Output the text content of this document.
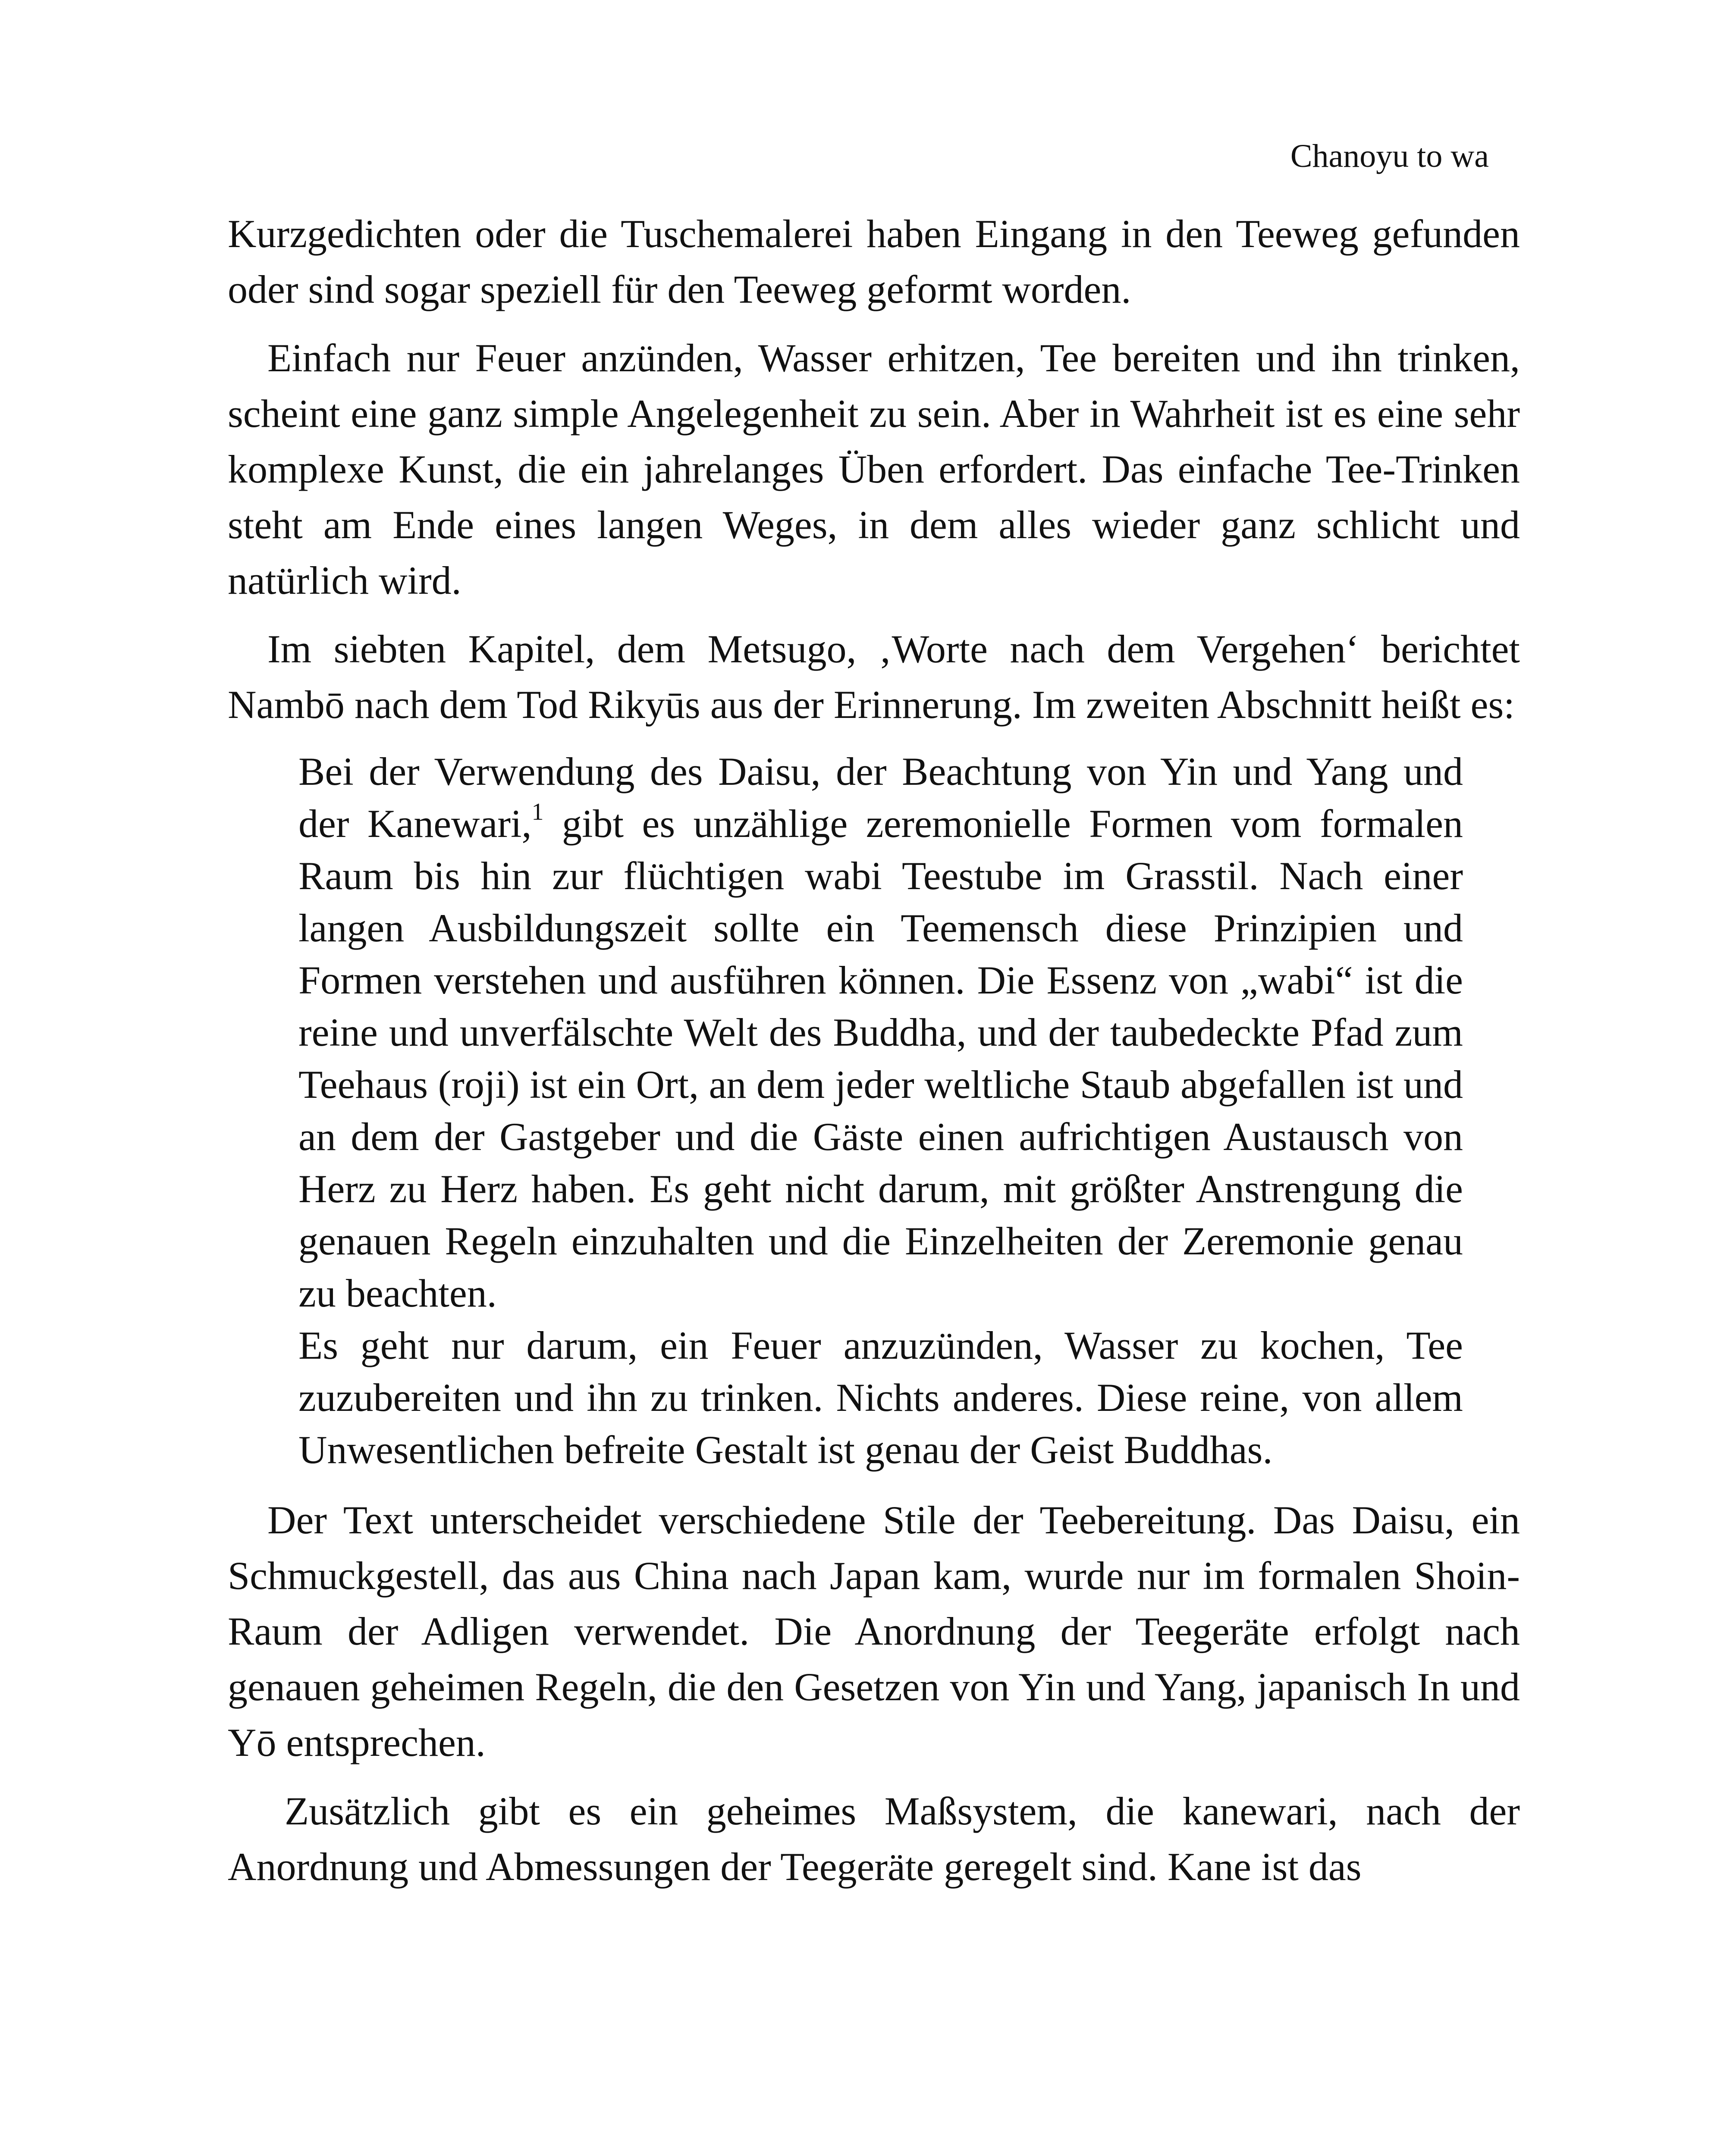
Chanoyu to wa

Kurzgedichten oder die Tuschemalerei haben Eingang in den Teeweg gefunden oder sind sogar speziell für den Teeweg geformt worden.

Einfach nur Feuer anzünden, Wasser erhitzen, Tee bereiten und ihn trinken, scheint eine ganz simple Angelegenheit zu sein. Aber in Wahrheit ist es eine sehr komplexe Kunst, die ein jahrelanges Üben erfordert. Das einfache Tee-Trinken steht am Ende eines langen Weges, in dem alles wieder ganz schlicht und natürlich wird.

Im siebten Kapitel, dem Metsugo, ‚Worte nach dem Vergehen‘ berichtet Nambō nach dem Tod Rikyūs aus der Erinnerung. Im zweiten Abschnitt heißt es:

Bei der Verwendung des Daisu, der Beachtung von Yin und Yang und der Kanewari,$^1$ gibt es unzählige zeremonielle Formen vom formalen Raum bis hin zur flüchtigen wabi Teestube im Grasstil. Nach einer langen Ausbildungszeit sollte ein Teemensch diese Prinzipien und Formen verstehen und ausführen können. Die Essenz von „wabi“ ist die reine und unverfälschte Welt des Buddha, und der taubedeckte Pfad zum Teehaus (roji) ist ein Ort, an dem jeder weltliche Staub abgefallen ist und an dem der Gastgeber und die Gäste einen aufrichtigen Austausch von Herz zu Herz haben. Es geht nicht darum, mit größter Anstrengung die genauen Regeln einzuhalten und die Einzelheiten der Zeremonie genau zu beachten.
Es geht nur darum, ein Feuer anzuzünden, Wasser zu kochen, Tee zuzubereiten und ihn zu trinken. Nichts anderes. Diese reine, von allem Unwesentlichen befreite Gestalt ist genau der Geist Buddhas.

Der Text unterscheidet verschiedene Stile der Teebereitung. Das Daisu, ein Schmuckgestell, das aus China nach Japan kam, wurde nur im formalen Shoin-Raum der Adligen verwendet. Die Anordnung der Teegeräte erfolgt nach genauen geheimen Regeln, die den Gesetzen von Yin und Yang, japanisch In und Yō entsprechen.

Zusätzlich gibt es ein geheimes Maßsystem, die kanewari, nach der Anordnung und Abmessungen der Teegeräte geregelt sind. Kane ist das
